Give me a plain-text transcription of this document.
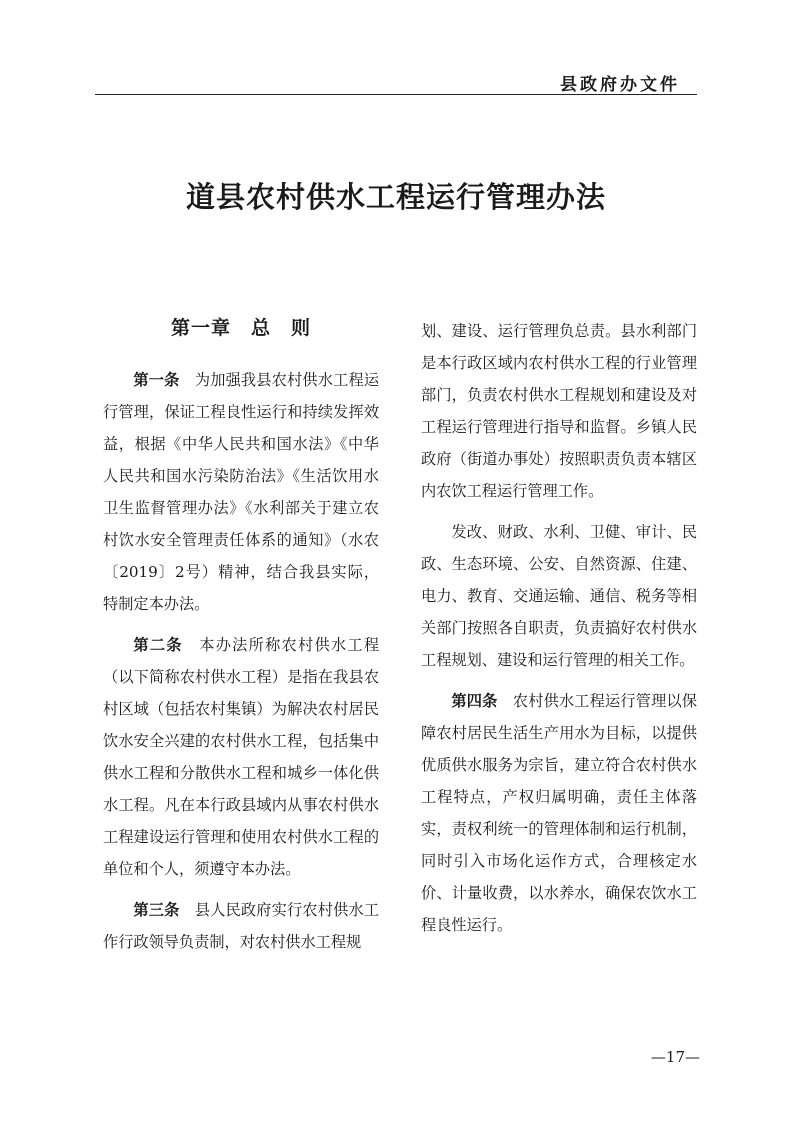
县政府办文件
道县农村供水工程运行管理办法
第一章　总　则

第一条　为加强我县农村供水工程运行管理，保证工程良性运行和持续发挥效益，根据《中华人民共和国水法》《中华人民共和国水污染防治法》《生活饮用水卫生监督管理办法》《水利部关于建立农村饮水安全管理责任体系的通知》（水农〔2019〕2号）精神，结合我县实际，特制定本办法。

第二条　本办法所称农村供水工程（以下简称农村供水工程）是指在我县农村区域（包括农村集镇）为解决农村居民饮水安全兴建的农村供水工程，包括集中供水工程和分散供水工程和城乡一体化供水工程。凡在本行政县域内从事农村供水工程建设运行管理和使用农村供水工程的单位和个人，须遵守本办法。

第三条　县人民政府实行农村供水工作行政领导负责制，对农村供水工程规

划、建设、运行管理负总责。县水利部门是本行政区域内农村供水工程的行业管理部门，负责农村供水工程规划和建设及对工程运行管理进行指导和监督。乡镇人民政府（街道办事处）按照职责负责本辖区内农饮工程运行管理工作。

发改、财政、水利、卫健、审计、民政、生态环境、公安、自然资源、住建、电力、教育、交通运输、通信、税务等相关部门按照各自职责，负责搞好农村供水工程规划、建设和运行管理的相关工作。

第四条　农村供水工程运行管理以保障农村居民生活生产用水为目标，以提供优质供水服务为宗旨，建立符合农村供水工程特点，产权归属明确，责任主体落实，责权利统一的管理体制和运行机制，同时引入市场化运作方式，合理核定水价、计量收费，以水养水，确保农饮水工程良性运行。

—17—
